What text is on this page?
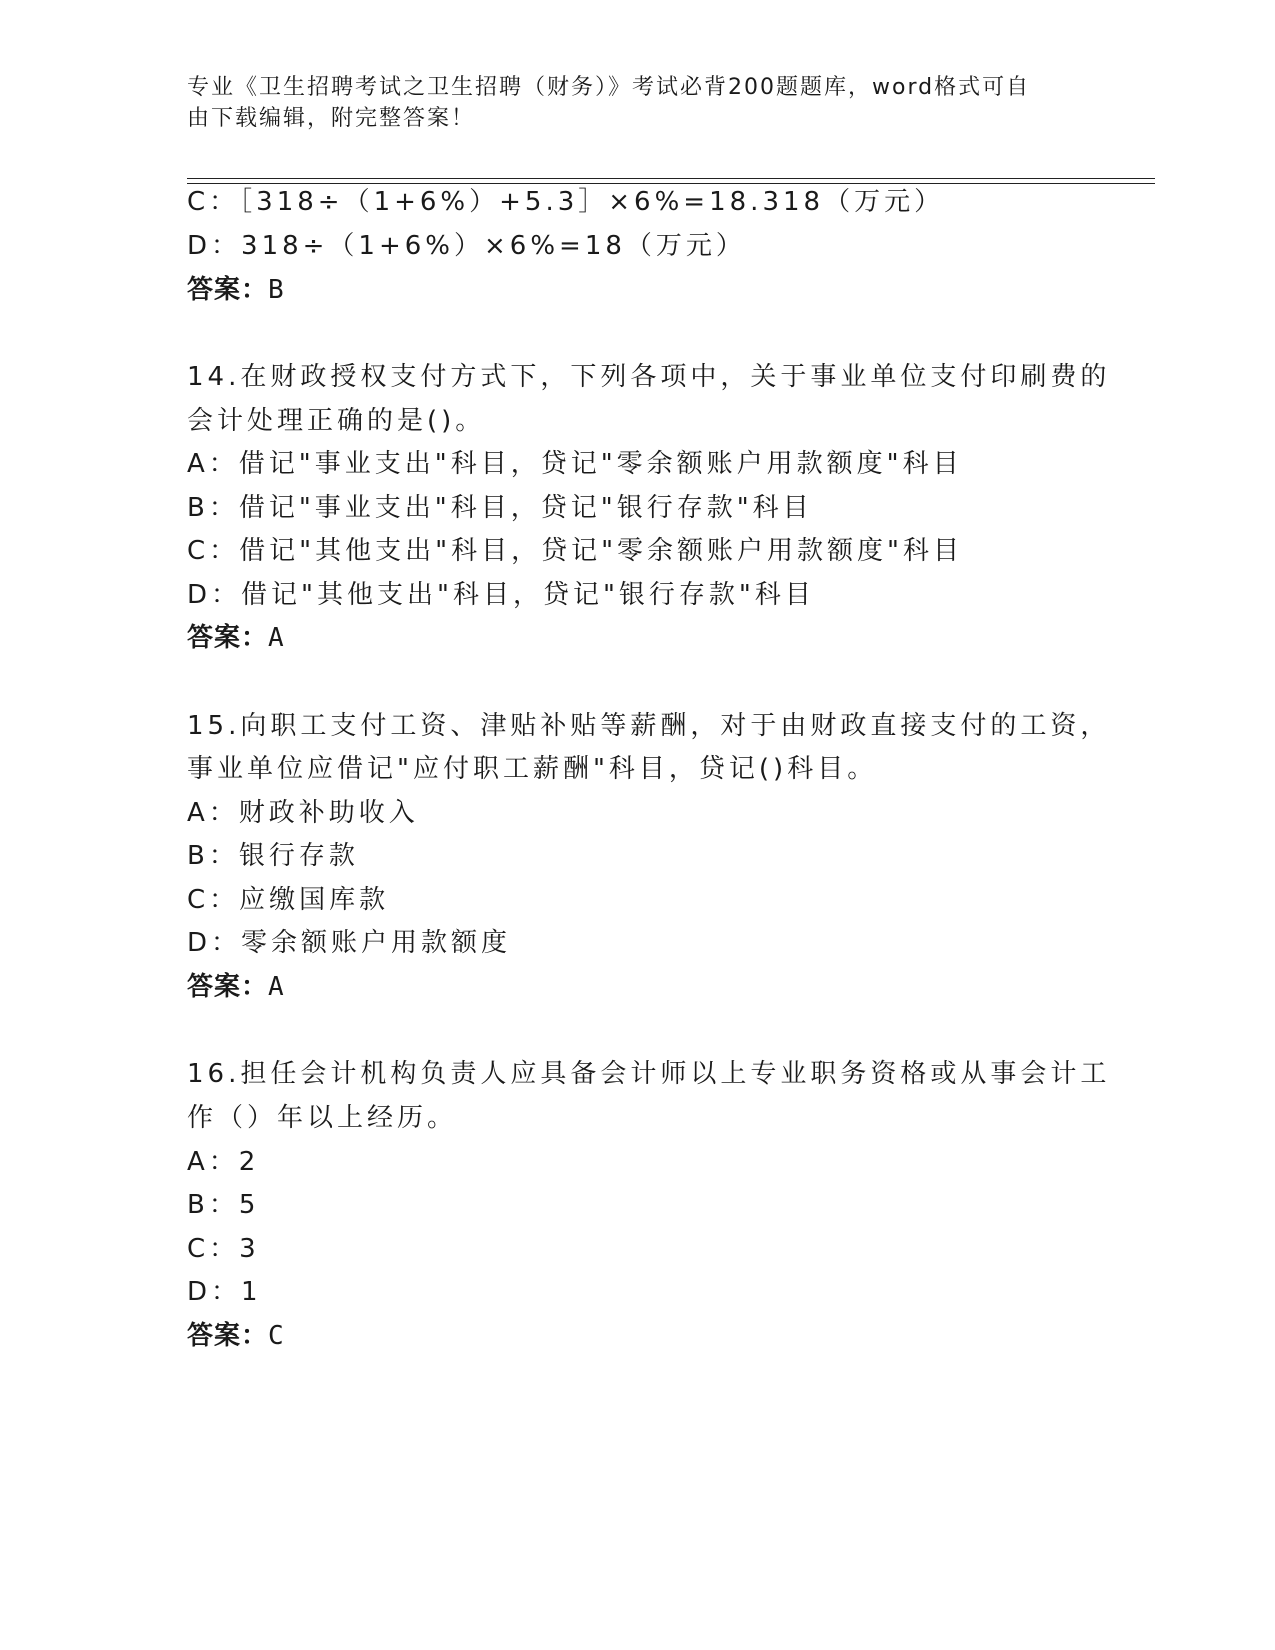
专业《卫生招聘考试之卫生招聘（财务）》考试必背200题题库，word格式可自
由下载编辑，附完整答案！
C：［318÷（1+6%）+5.3］×6%=18.318（万元）
D：318÷（1+6%）×6%=18（万元）
答案：B
14.在财政授权支付方式下，下列各项中，关于事业单位支付印刷费的
会计处理正确的是()。
A：借记"事业支出"科目，贷记"零余额账户用款额度"科目
B：借记"事业支出"科目，贷记"银行存款"科目
C：借记"其他支出"科目，贷记"零余额账户用款额度"科目
D：借记"其他支出"科目，贷记"银行存款"科目
答案：A
15.向职工支付工资、津贴补贴等薪酬，对于由财政直接支付的工资，
事业单位应借记"应付职工薪酬"科目，贷记()科目。
A：财政补助收入
B：银行存款
C：应缴国库款
D：零余额账户用款额度
答案：A
16.担任会计机构负责人应具备会计师以上专业职务资格或从事会计工
作（）年以上经历。
A：2
B：5
C：3
D：1
答案：C
